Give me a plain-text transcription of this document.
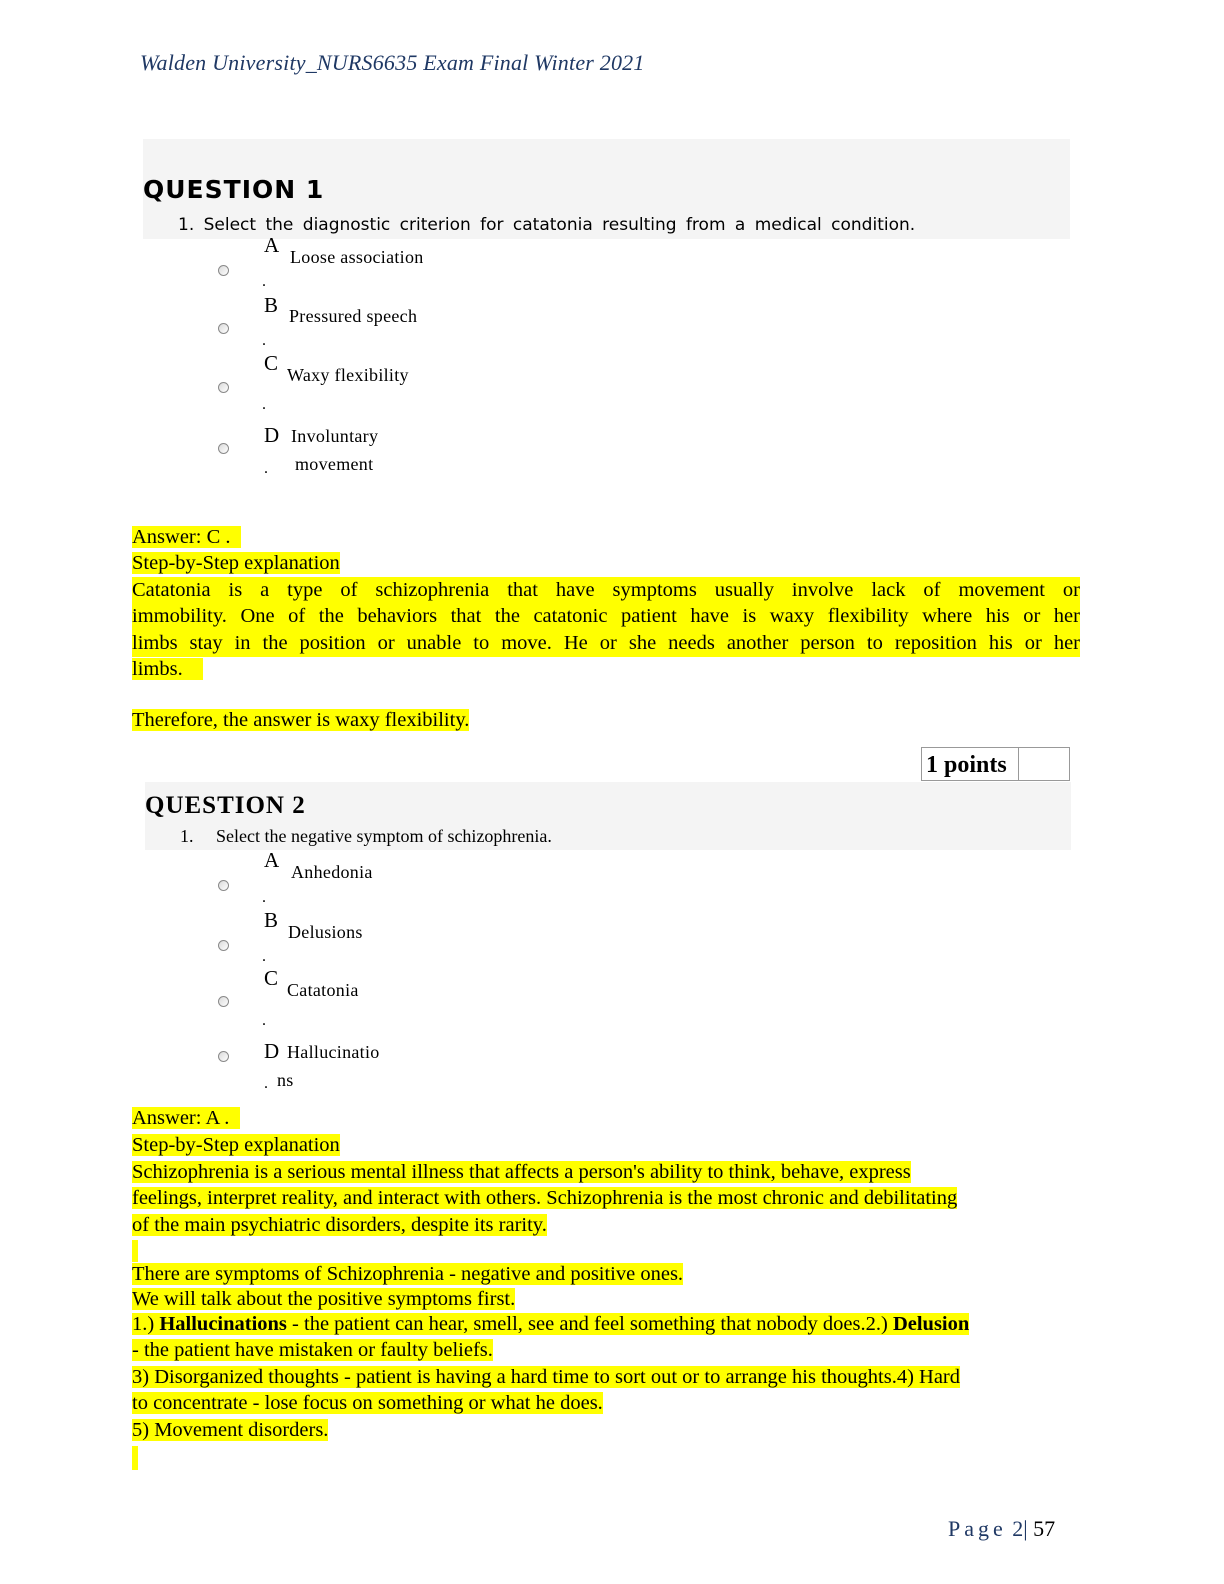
Walden University_NURS6635 Exam Final Winter 2021
QUESTION 1
1. Select the diagnostic criterion for catatonia resulting from a medical condition.
A
.
Loose association
B
.
Pressured speech
C
.
Waxy flexibility
D
.
Involuntary
movement
Answer: C .
Step-by-Step explanation
Catatonia is a type of schizophrenia that have symptoms usually involve lack of movement or
immobility. One of the behaviors that the catatonic patient have is waxy flexibility where his or her
limbs stay in the position or unable to move. He or she needs another person to reposition his or her
limbs.
Therefore, the answer is waxy flexibility.
1 points
QUESTION 2
1. Select the negative symptom of schizophrenia.
A
.
Anhedonia
B
.
Delusions
C
.
Catatonia
D
.
Hallucinatio
ns
Answer: A .
Step-by-Step explanation
Schizophrenia is a serious mental illness that affects a person's ability to think, behave, express
feelings, interpret reality, and interact with others. Schizophrenia is the most chronic and debilitating
of the main psychiatric disorders, despite its rarity.
There are symptoms of Schizophrenia - negative and positive ones.
We will talk about the positive symptoms first.
1.) Hallucinations - the patient can hear, smell, see and feel something that nobody does.2.) Delusion
- the patient have mistaken or faulty beliefs.
3) Disorganized thoughts - patient is having a hard time to sort out or to arrange his thoughts.4) Hard
to concentrate - lose focus on something or what he does.
5) Movement disorders.
Page 2| 57
